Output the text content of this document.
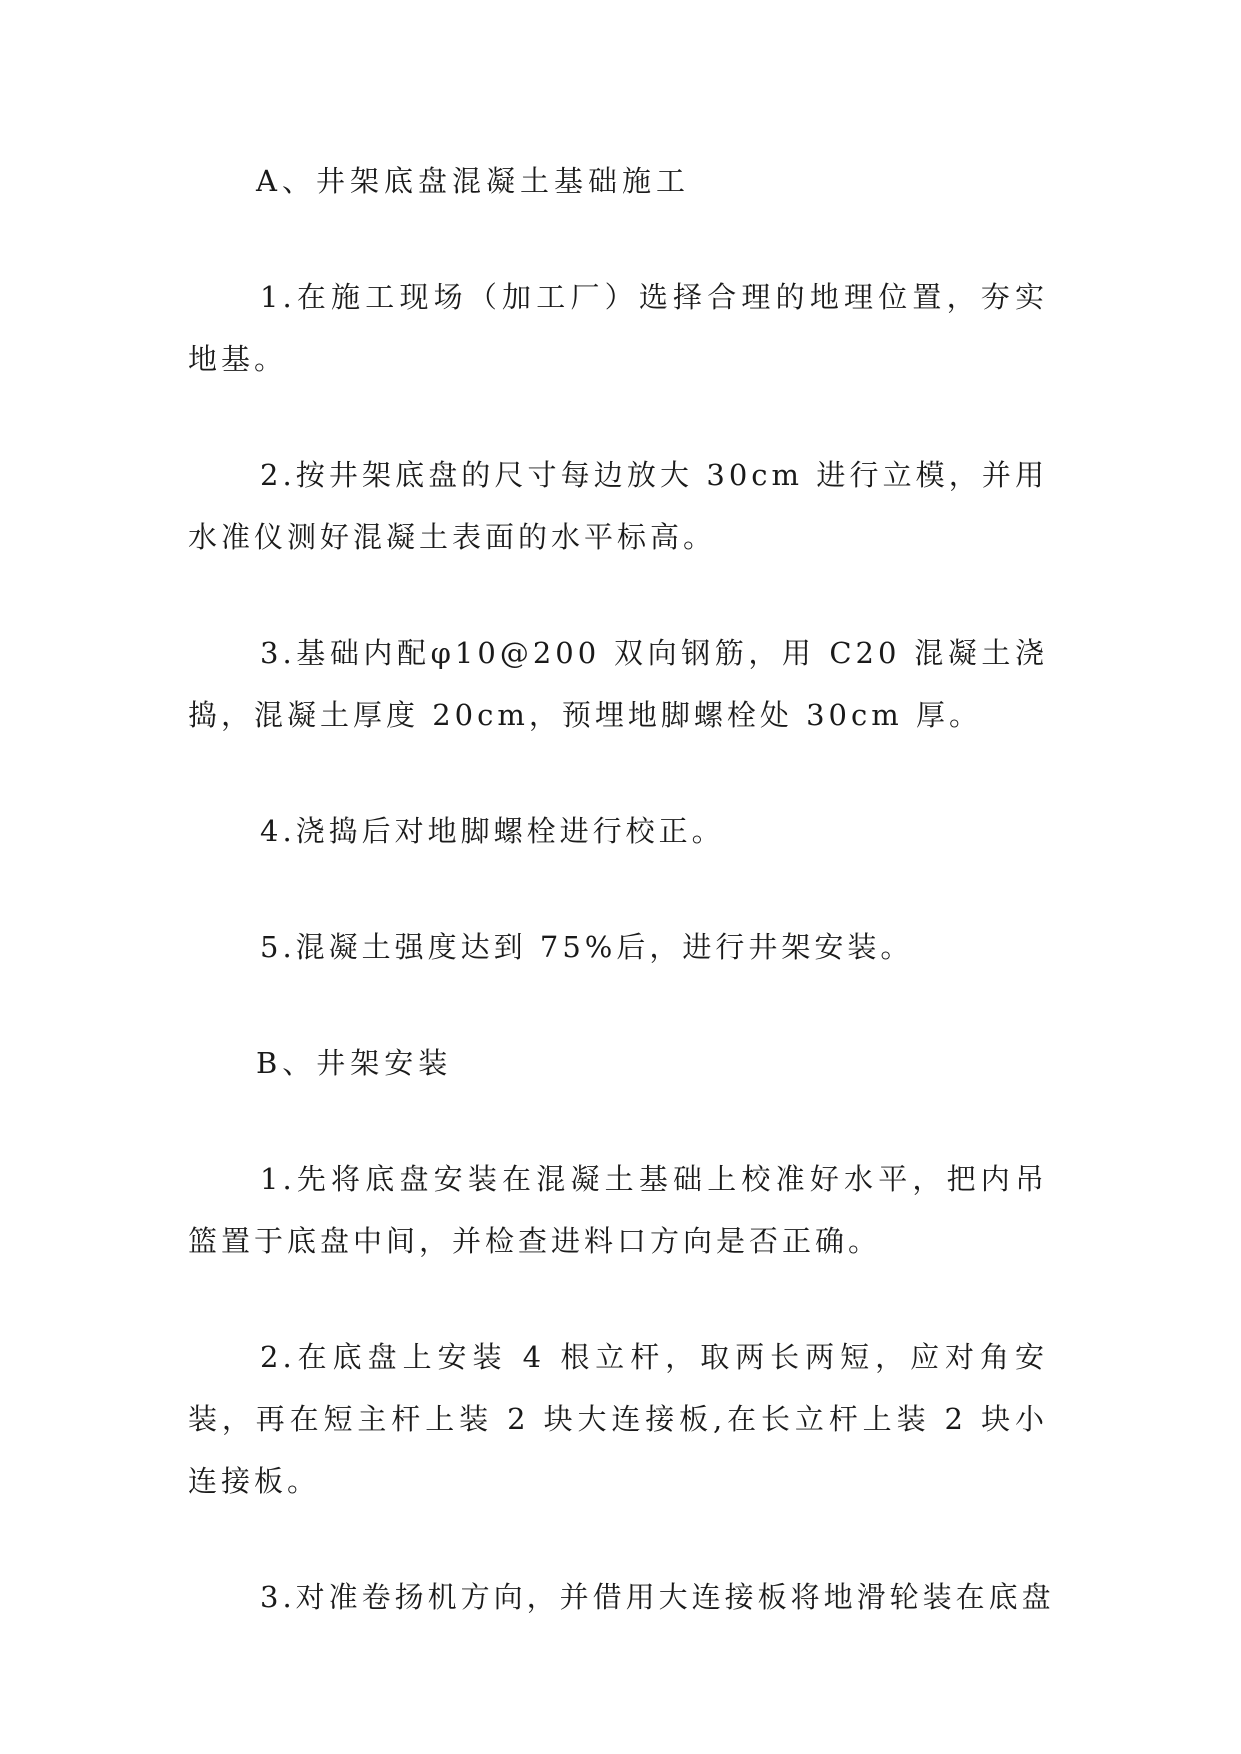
A、井架底盘混凝土基础施工

1.在施工现场（加工厂）选择合理的地理位置，夯实地基。

2.按井架底盘的尺寸每边放大 30cm 进行立模，并用水准仪测好混凝土表面的水平标高。

3.基础内配φ10@200 双向钢筋，用 C20 混凝土浇捣，混凝土厚度 20cm，预埋地脚螺栓处 30cm 厚。

4.浇捣后对地脚螺栓进行校正。

5.混凝土强度达到 75%后，进行井架安装。

B、井架安装

1.先将底盘安装在混凝土基础上校准好水平，把内吊篮置于底盘中间，并检查进料口方向是否正确。

2.在底盘上安装 4 根立杆，取两长两短，应对角安装，再在短主杆上装 2 块大连接板,在长立杆上装 2 块小连接板。

3.对准卷扬机方向，并借用大连接板将地滑轮装在底盘
